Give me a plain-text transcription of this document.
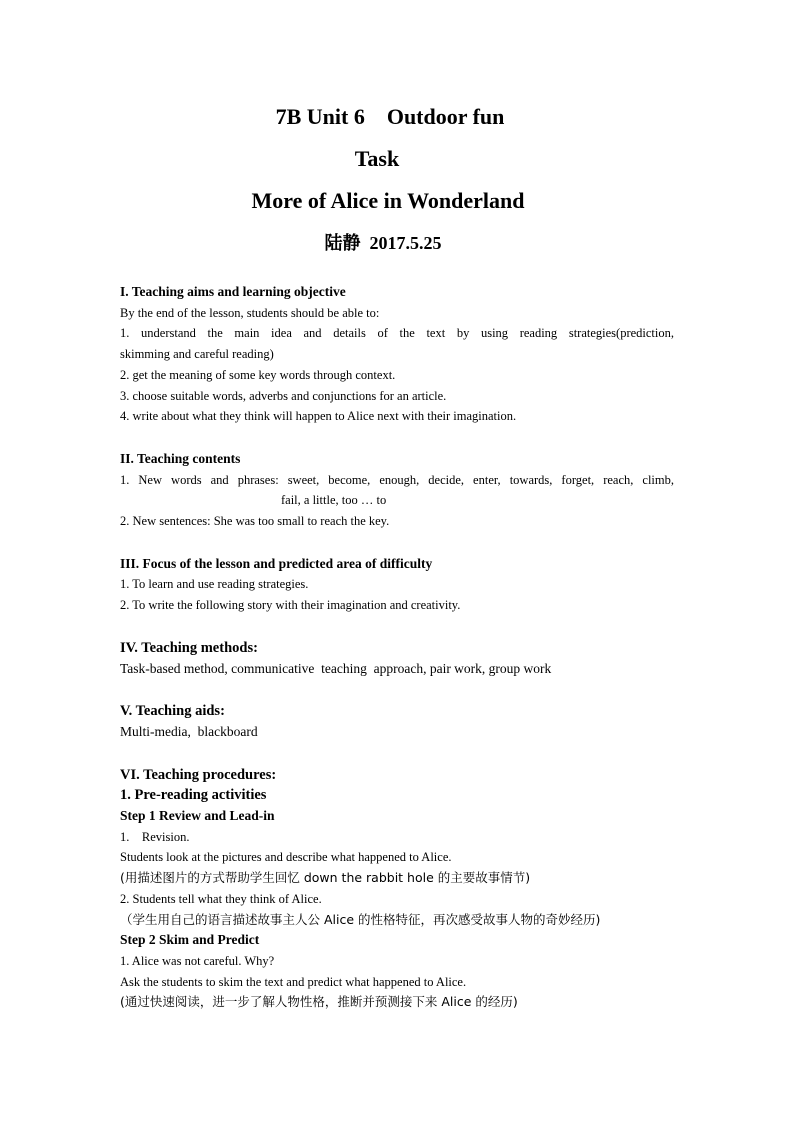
7B Unit 6    Outdoor fun
Task
More of Alice in Wonderland
陆静  2017.5.25
I. Teaching aims and learning objective
By the end of the lesson, students should be able to:
1. understand the main idea and details of the text by using reading strategies(prediction,
skimming and careful reading)
2. get the meaning of some key words through context.
3. choose suitable words, adverbs and conjunctions for an article.
4. write about what they think will happen to Alice next with their imagination.
II. Teaching contents
1. New words and phrases: sweet, become, enough, decide, enter, towards, forget, reach, climb,
fail, a little, too … to
2. New sentences: She was too small to reach the key.
III. Focus of the lesson and predicted area of difficulty
1. To learn and use reading strategies.
2. To write the following story with their imagination and creativity.
IV. Teaching methods:
Task-based method, communicative  teaching  approach, pair work, group work
V. Teaching aids:
Multi-media,  blackboard
VI. Teaching procedures:
1. Pre-reading activities
Step 1 Review and Lead-in
1.    Revision.
Students look at the pictures and describe what happened to Alice.
(用描述图片的方式帮助学生回忆 down the rabbit hole 的主要故事情节)
2. Students tell what they think of Alice.
（学生用自己的语言描述故事主人公 Alice 的性格特征，再次感受故事人物的奇妙经历)
Step 2 Skim and Predict
1. Alice was not careful. Why?
Ask the students to skim the text and predict what happened to Alice.
(通过快速阅读，进一步了解人物性格，推断并预测接下来 Alice 的经历)
